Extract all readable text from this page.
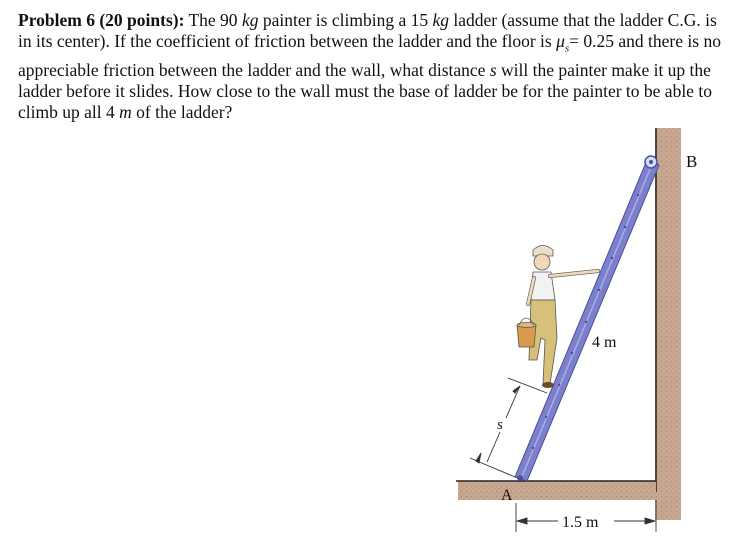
Problem 6 (20 points): The 90 kg painter is climbing a 15 kg ladder (assume that the ladder C.G. is in its center). If the coefficient of friction between the ladder and the floor is $\mu_s= 0.25$ and there is no appreciable friction between the ladder and the wall, what distance s will the painter make it up the ladder before it slides. How close to the wall must the base of ladder be for the painter to be able to climb up all 4 m of the ladder?

B
s
4 m
A
1.5 m
